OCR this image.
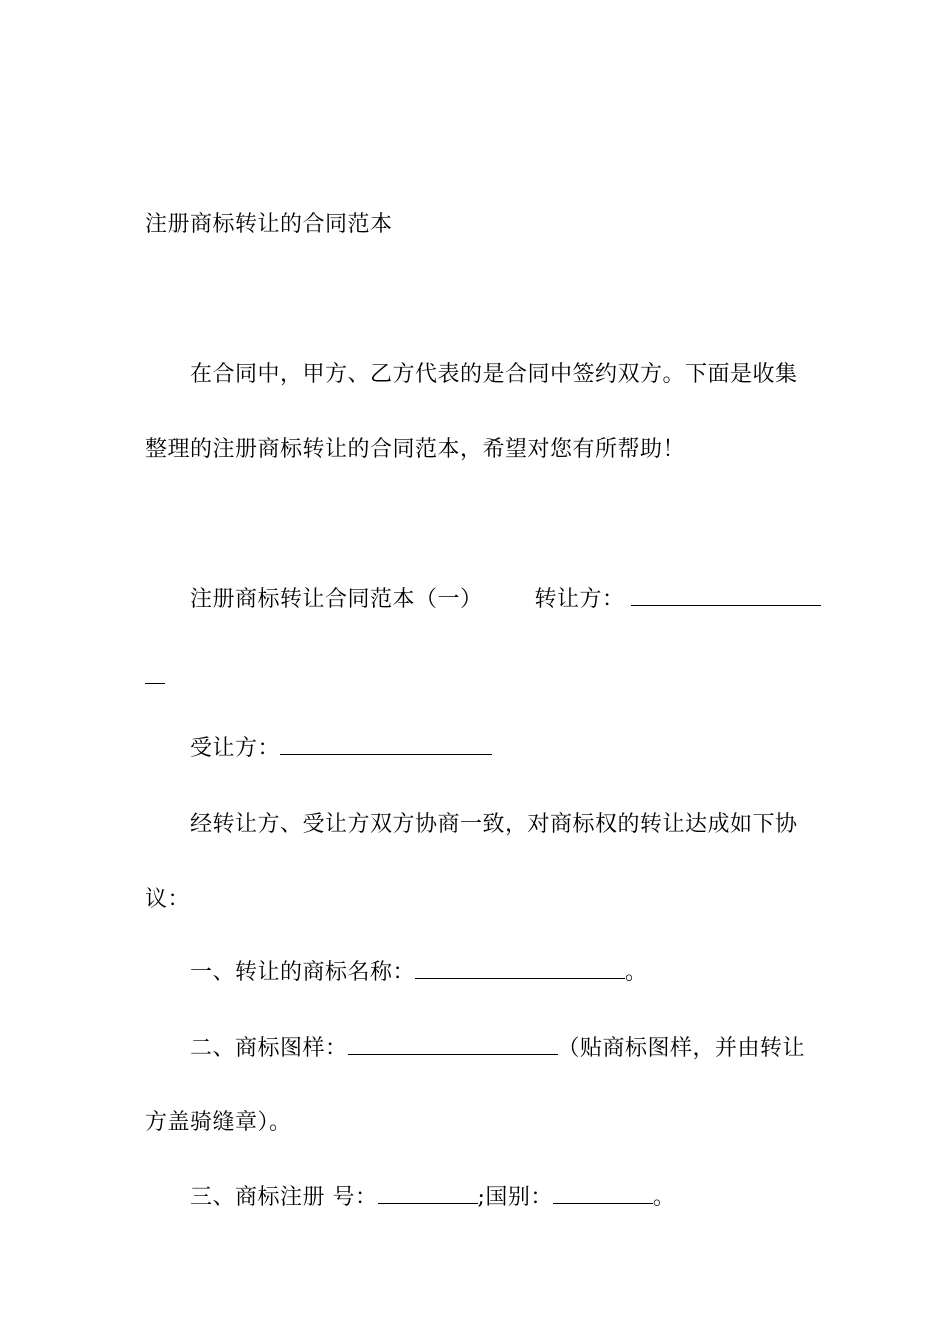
注册商标转让的合同范本
在合同中，甲方、乙方代表的是合同中签约双方。下面是收集
整理的注册商标转让的合同范本，希望对您有所帮助！
注册商标转让合同范本（一） 转让方：
受让方：
经转让方、受让方双方协商一致，对商标权的转让达成如下协
议：
一、转让的商标名称：	。
二、商标图样：	（贴商标图样，并由转让
方盖骑缝章）。
三、商标注册 号：	;国别：	。
